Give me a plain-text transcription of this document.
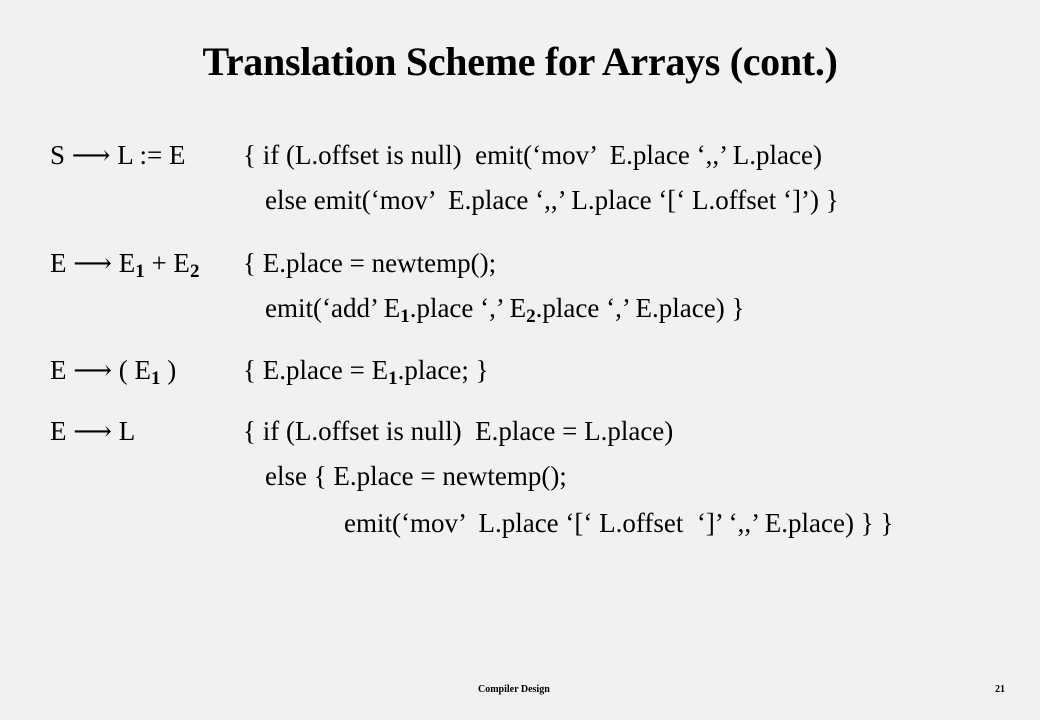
Translation Scheme for Arrays (cont.)
S ⟶ L := E { if (L.offset is null)  emit(‘mov’  E.place ‘,,’ L.place)
else emit(‘mov’  E.place ‘,,’ L.place ‘[‘ L.offset ‘]’) }
E ⟶ $E_1 + E_2$ { E.place = newtemp();
emit(‘add’ $E_1.place$ ‘,’ $E_2.place$ ‘,’ E.place) }
E ⟶ ( $E_1$ ) { E.place = $E_1.place$; }
E ⟶ L	{ if (L.offset is null)  E.place = L.place)
else { E.place = newtemp();
emit(‘mov’  L.place ‘[‘ L.offset  ‘]’ ‘,,’ E.place) } }
Compiler Design	21
